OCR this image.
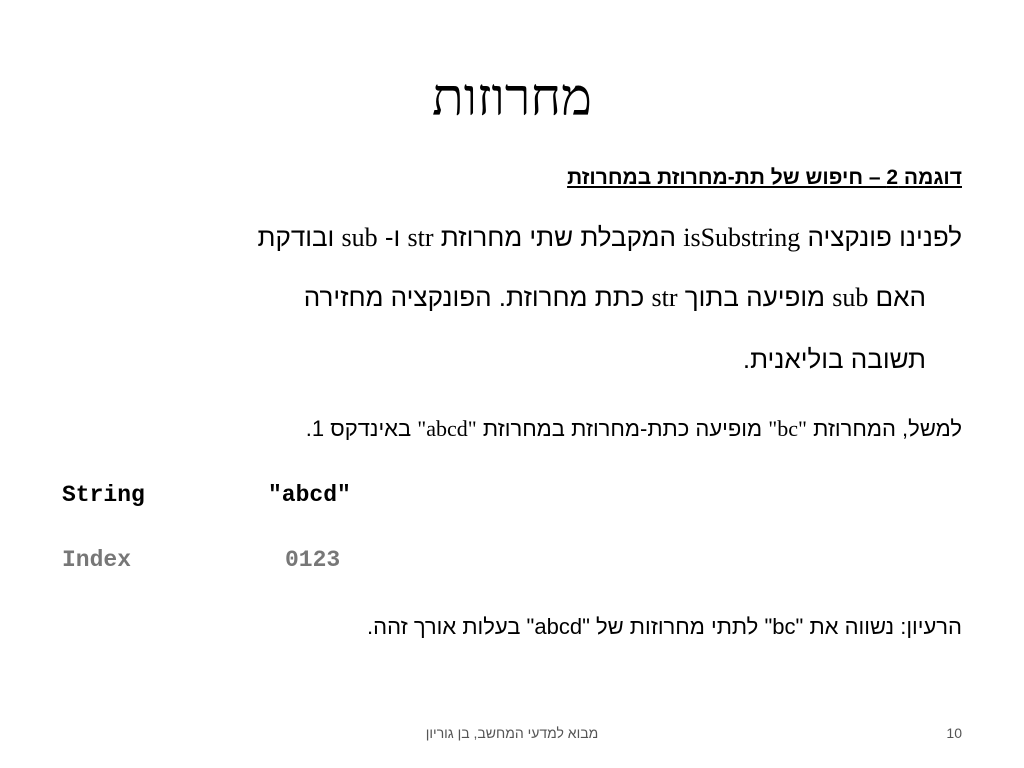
מחרוזות
דוגמה 2 – חיפוש של תת-מחרוזת במחרוזת
לפנינו פונקציה isSubstring המקבלת שתי מחרוזת str ו- sub ובודקת
האם sub מופיעה בתוך str כתת מחרוזת. הפונקציה מחזירה
תשובה בוליאנית.
למשל, המחרוזת "bc" מופיעה כתת-מחרוזת במחרוזת "abcd" באינדקס 1.
String	"abcd"
Index	0123
הרעיון: נשווה את "bc" לתתי מחרוזות של "abcd" בעלות אורך זהה.
מבוא למדעי המחשב, בן גוריון	10
